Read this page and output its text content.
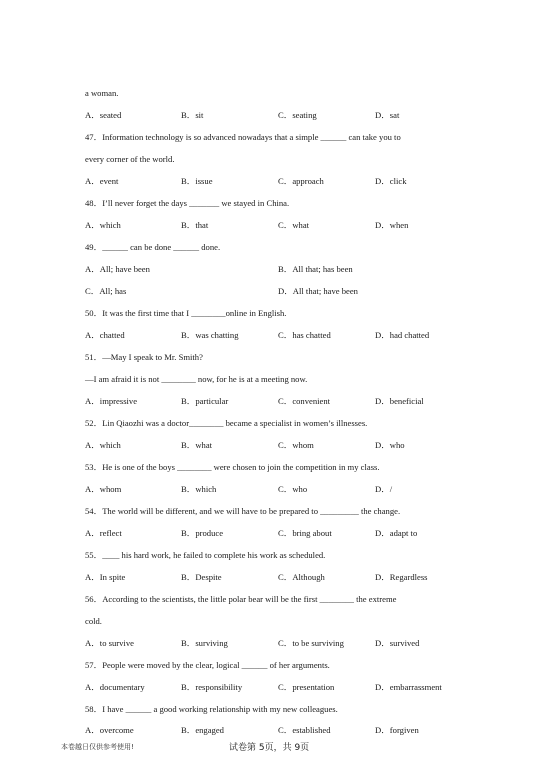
a woman.
A．seated	B．sit	C．seating	D．sat
47．Information technology is so advanced nowadays that a simple ______ can take you to
every corner of the world.
A．event	B．issue	C．approach	D．click
48．I’ll never forget the days _______ we stayed in China.
A．which	B．that	C．what	D．when
49．______ can be done ______ done.
A．All; have been	B．All that; has been
C．All; has	D．All that; have been
50．It was the first time that I ________online in English.
A．chatted	B．was chatting	C．has chatted	D．had chatted
51．—May I speak to Mr. Smith?
—I am afraid it is not ________ now, for he is at a meeting now.
A．impressive	B．particular	C．convenient	D．beneficial
52．Lin Qiaozhi was a doctor________ became a specialist in women’s illnesses.
A．which	B．what	C．whom	D．who
53．He is one of the boys ________ were chosen to join the competition in my class.
A．whom	B．which	C．who	D．/
54．The world will be different, and we will have to be prepared to _________ the change.
A．reflect	B．produce	C．bring about	D．adapt to
55．____ his hard work, he failed to complete his work as scheduled.
A．In spite	B．Despite	C．Although	D．Regardless
56．According to the scientists, the little polar bear will be the first ________ the extreme
cold.
A．to survive	B．surviving	C．to be surviving	D．survived
57．People were moved by the clear, logical ______ of her arguments.
A．documentary	B．responsibility	C．presentation	D．embarrassment
58．I have ______ a good working relationship with my new colleagues.
A．overcome	B．engaged	C．established	D．forgiven
本卷越日仅供参考使用!	试卷第 5页，共 9页
